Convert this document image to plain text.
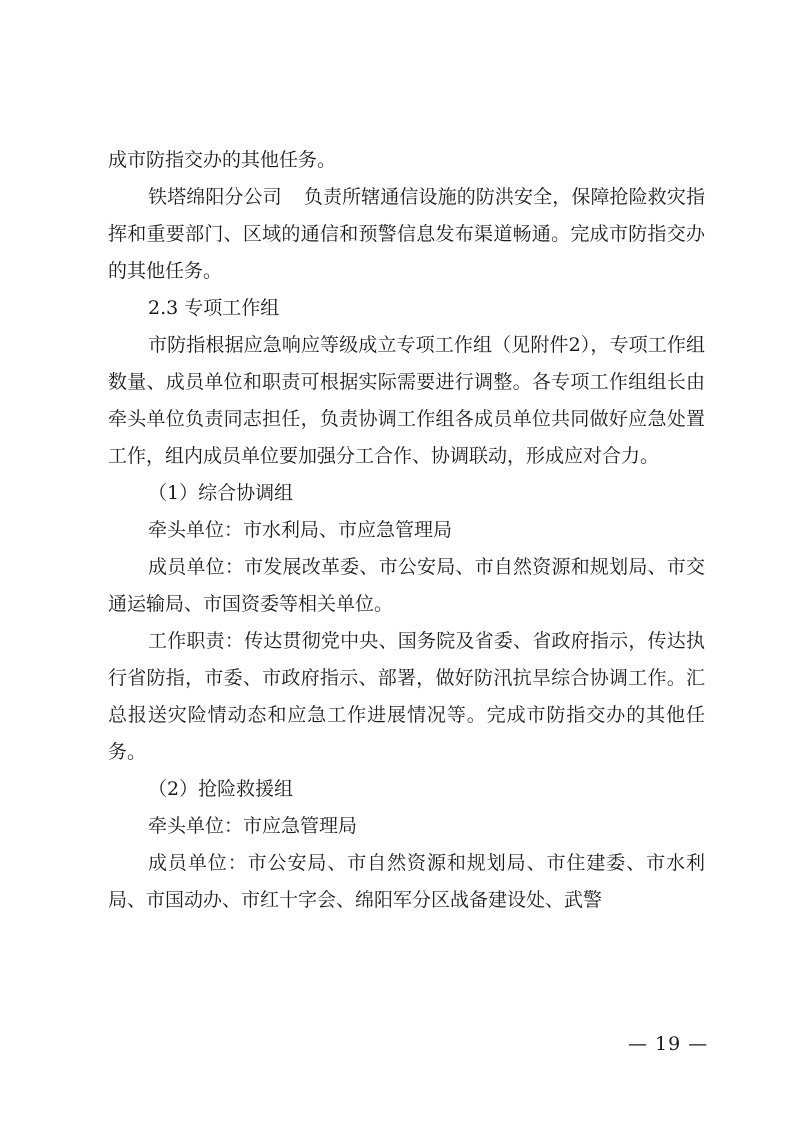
成市防指交办的其他任务。

铁塔绵阳分公司 负责所辖通信设施的防洪安全，保障抢险救灾指挥和重要部门、区域的通信和预警信息发布渠道畅通。完成市防指交办的其他任务。

2.3 专项工作组

市防指根据应急响应等级成立专项工作组（见附件2），专项工作组数量、成员单位和职责可根据实际需要进行调整。各专项工作组组长由牵头单位负责同志担任，负责协调工作组各成员单位共同做好应急处置工作，组内成员单位要加强分工合作、协调联动，形成应对合力。

（1）综合协调组

牵头单位：市水利局、市应急管理局

成员单位：市发展改革委、市公安局、市自然资源和规划局、市交通运输局、市国资委等相关单位。

工作职责：传达贯彻党中央、国务院及省委、省政府指示，传达执行省防指，市委、市政府指示、部署，做好防汛抗旱综合协调工作。汇总报送灾险情动态和应急工作进展情况等。完成市防指交办的其他任务。

（2）抢险救援组

牵头单位：市应急管理局

成员单位：市公安局、市自然资源和规划局、市住建委、市水利局、市国动办、市红十字会、绵阳军分区战备建设处、武警

— 19 —
